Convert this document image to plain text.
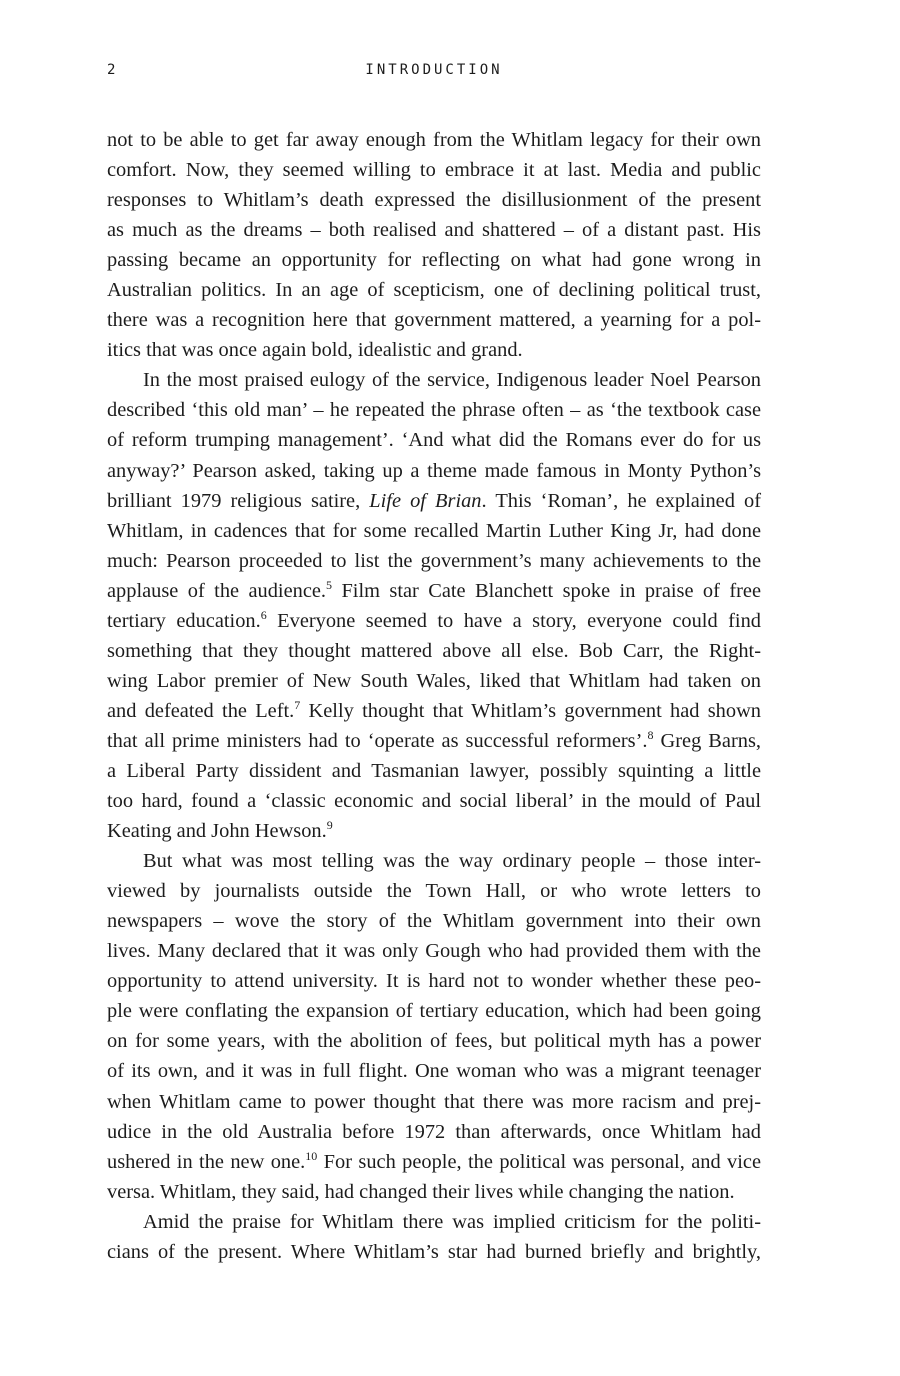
2	INTRODUCTION
not to be able to get far away enough from the Whitlam legacy for their own
comfort. Now, they seemed willing to embrace it at last. Media and public
responses to Whitlam’s death expressed the disillusionment of the present
as much as the dreams – both realised and shattered – of a distant past. His
passing became an opportunity for reflecting on what had gone wrong in
Australian politics. In an age of scepticism, one of declining political trust,
there was a recognition here that government mattered, a yearning for a pol-
itics that was once again bold, idealistic and grand.
In the most praised eulogy of the service, Indigenous leader Noel Pearson
described ‘this old man’ – he repeated the phrase often – as ‘the textbook case
of reform trumping management’. ‘And what did the Romans ever do for us
anyway?’ Pearson asked, taking up a theme made famous in Monty Python’s
brilliant 1979 religious satire, Life of Brian. This ‘Roman’, he explained of
Whitlam, in cadences that for some recalled Martin Luther King Jr, had done
much: Pearson proceeded to list the government’s many achievements to the
applause of the audience.$^5$ Film star Cate Blanchett spoke in praise of free
tertiary education.$^6$ Everyone seemed to have a story, everyone could find
something that they thought mattered above all else. Bob Carr, the Right-
wing Labor premier of New South Wales, liked that Whitlam had taken on
and defeated the Left.$^7$ Kelly thought that Whitlam’s government had shown
that all prime ministers had to ‘operate as successful reformers’.$^8$ Greg Barns,
a Liberal Party dissident and Tasmanian lawyer, possibly squinting a little
too hard, found a ‘classic economic and social liberal’ in the mould of Paul
Keating and John Hewson.$^9$
But what was most telling was the way ordinary people – those inter-
viewed by journalists outside the Town Hall, or who wrote letters to
newspapers – wove the story of the Whitlam government into their own
lives. Many declared that it was only Gough who had provided them with the
opportunity to attend university. It is hard not to wonder whether these peo-
ple were conflating the expansion of tertiary education, which had been going
on for some years, with the abolition of fees, but political myth has a power
of its own, and it was in full flight. One woman who was a migrant teenager
when Whitlam came to power thought that there was more racism and prej-
udice in the old Australia before 1972 than afterwards, once Whitlam had
ushered in the new one.$^{10}$ For such people, the political was personal, and vice
versa. Whitlam, they said, had changed their lives while changing the nation.
Amid the praise for Whitlam there was implied criticism for the politi-
cians of the present. Where Whitlam’s star had burned briefly and brightly,
